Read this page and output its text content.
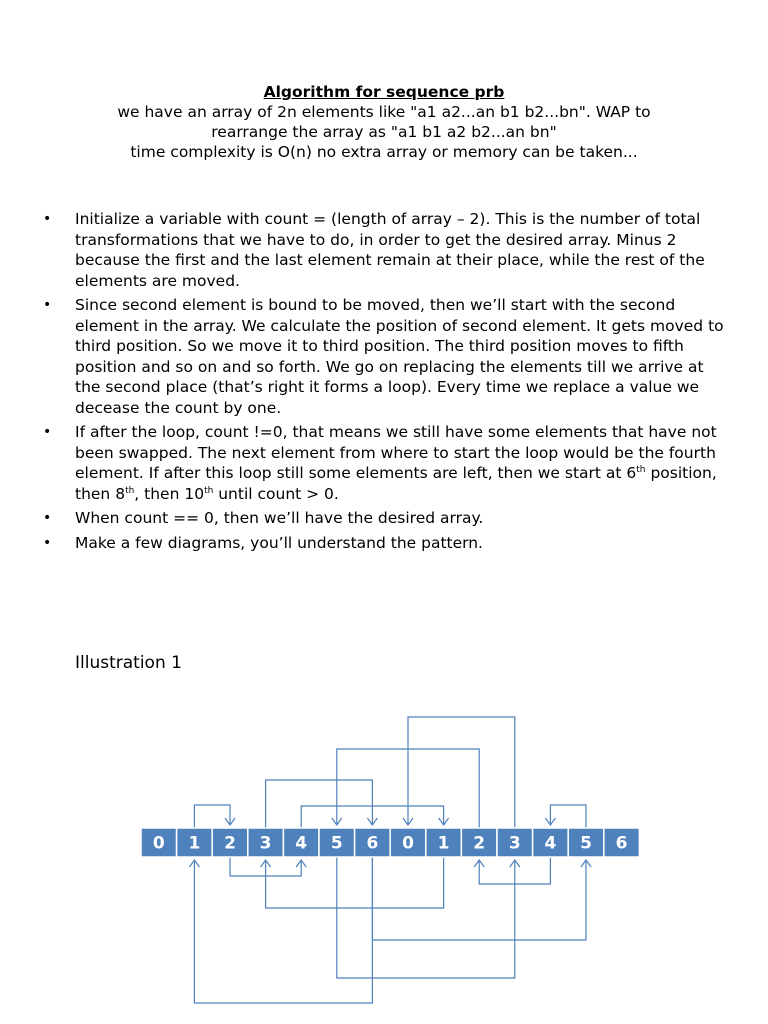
Algorithm for sequence prb
we have an array of 2n elements like "a1 a2...an b1 b2...bn". WAP to
rearrange the array as "a1 b1 a2 b2...an bn"
time complexity is O(n) no extra array or memory can be taken...
• Initialize a variable with count = (length of array – 2). This is the number of total transformations that we have to do, in order to get the desired array. Minus 2 because the first and the last element remain at their place, while the rest of the elements are moved.
• Since second element is bound to be moved, then we’ll start with the second element in the array. We calculate the position of second element. It gets moved to third position. So we move it to third position. The third position moves to fifth position and so on and so forth. We go on replacing the elements till we arrive at the second place (that’s right it forms a loop). Every time we replace a value we decease the count by one.
• If after the loop, count !=0, that means we still have some elements that have not been swapped. The next element from where to start the loop would be the fourth element. If after this loop still some elements are left, then we start at 6th position, then 8th, then 10th until count > 0.
• When count == 0, then we’ll have the desired array.
• Make a few diagrams, you’ll understand the pattern.
Illustration 1
0 1 2 3 4 5 6 0 1 2 3 4 5 6
